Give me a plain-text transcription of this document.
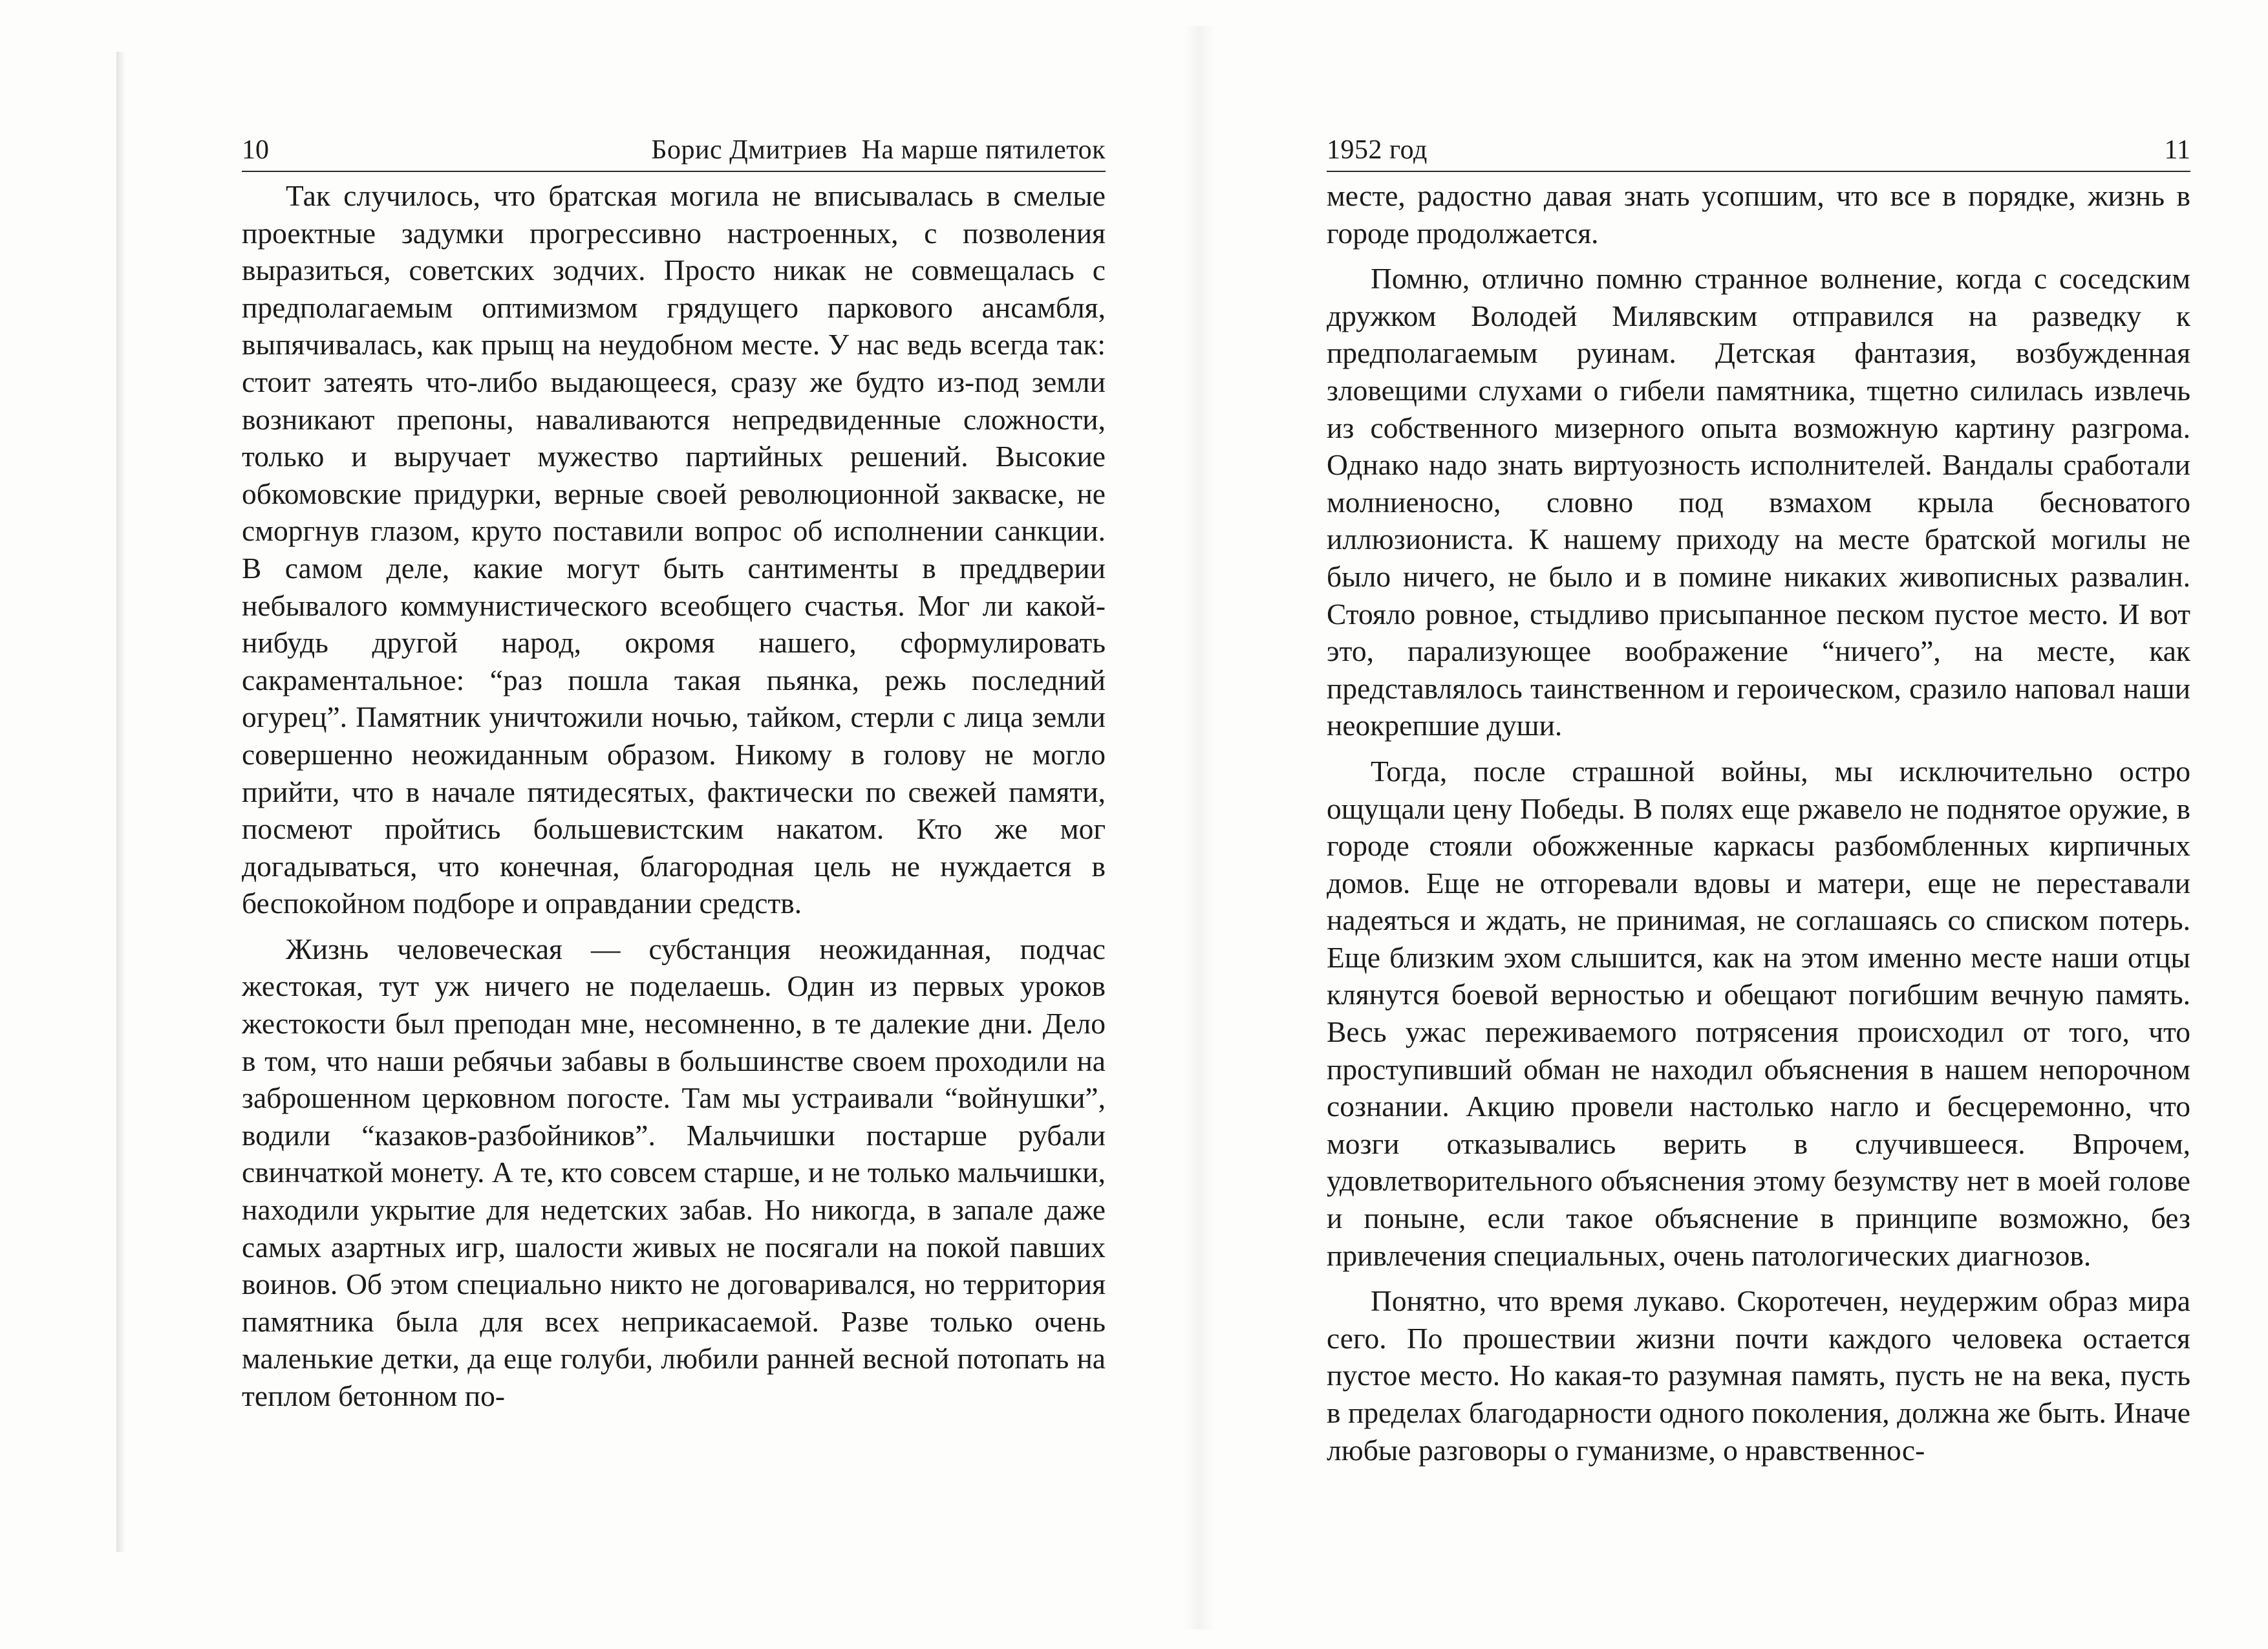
10	Борис Дмитриев  На марше пятилеток

Так случилось, что братская могила не вписывалась в смелые проектные задумки прогрессивно настроенных, с позволения выразиться, советских зодчих. Просто никак не совмещалась с предполагаемым оптимизмом грядущего паркового ансамбля, выпячивалась, как прыщ на неудобном месте. У нас ведь всегда так: стоит затеять что-либо выдающееся, сразу же будто из-под земли возникают препоны, наваливаются непредвиденные сложности, только и выручает мужество партийных решений. Высокие обкомовские придурки, верные своей революционной закваске, не сморгнув глазом, круто поставили вопрос об исполнении санкции. В самом деле, какие могут быть сантименты в преддверии небывалого коммунистического всеобщего счастья. Мог ли какой-нибудь другой народ, окромя нашего, сформулировать сакраментальное: “раз пошла такая пьянка, режь последний огурец”. Памятник уничтожили ночью, тайком, стерли с лица земли совершенно неожиданным образом. Никому в голову не могло прийти, что в начале пятидесятых, фактически по свежей памяти, посмеют пройтись большевистским накатом. Кто же мог догадываться, что конечная, благородная цель не нуждается в беспокойном подборе и оправдании средств.

Жизнь человеческая — субстанция неожиданная, подчас жестокая, тут уж ничего не поделаешь. Один из первых уроков жестокости был преподан мне, несомненно, в те далекие дни. Дело в том, что наши ребячьи забавы в большинстве своем проходили на заброшенном церковном погосте. Там мы устраивали “войнушки”, водили “казаков-разбойников”. Мальчишки постарше рубали свинчаткой монету. А те, кто совсем старше, и не только мальчишки, находили укрытие для недетских забав. Но никогда, в запале даже самых азартных игр, шалости живых не посягали на покой павших воинов. Об этом специально никто не договаривался, но территория памятника была для всех неприкасаемой. Разве только очень маленькие детки, да еще голуби, любили ранней весной потопать на теплом бетонном по-

1952 год	11

месте, радостно давая знать усопшим, что все в порядке, жизнь в городе продолжается.

Помню, отлично помню странное волнение, когда с соседским дружком Володей Милявским отправился на разведку к предполагаемым руинам. Детская фантазия, возбужденная зловещими слухами о гибели памятника, тщетно силилась извлечь из собственного мизерного опыта возможную картину разгрома. Однако надо знать виртуозность исполнителей. Вандалы сработали молниеносно, словно под взмахом крыла бесноватого иллюзиониста. К нашему приходу на месте братской могилы не было ничего, не было и в помине никаких живописных развалин. Стояло ровное, стыдливо присыпанное песком пустое место. И вот это, парализующее воображение “ничего”, на месте, как представлялось таинственном и героическом, сразило наповал наши неокрепшие души.

Тогда, после страшной войны, мы исключительно остро ощущали цену Победы. В полях еще ржавело не поднятое оружие, в городе стояли обожженные каркасы разбомбленных кирпичных домов. Еще не отгоревали вдовы и матери, еще не переставали надеяться и ждать, не принимая, не соглашаясь со списком потерь. Еще близким эхом слышится, как на этом именно месте наши отцы клянутся боевой верностью и обещают погибшим вечную память. Весь ужас переживаемого потрясения происходил от того, что проступивший обман не находил объяснения в нашем непорочном сознании. Акцию провели настолько нагло и бесцеремонно, что мозги отказывались верить в случившееся. Впрочем, удовлетворительного объяснения этому безумству нет в моей голове и поныне, если такое объяснение в принципе возможно, без привлечения специальных, очень патологических диагнозов.

Понятно, что время лукаво. Скоротечен, неудержим образ мира сего. По прошествии жизни почти каждого человека остается пустое место. Но какая-то разумная память, пусть не на века, пусть в пределах благодарности одного поколения, должна же быть. Иначе любые разговоры о гуманизме, о нравственнос-
